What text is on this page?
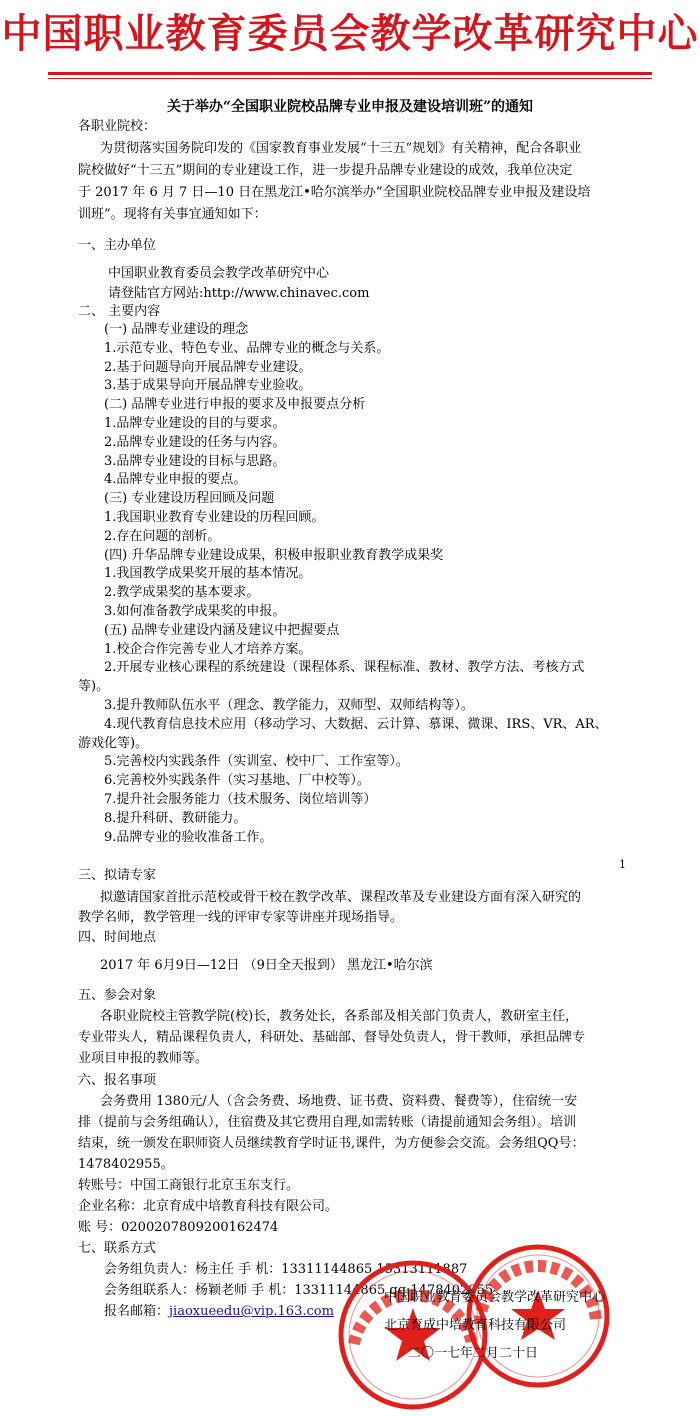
中国职业教育委员会教学改革研究中心
关于举办“全国职业院校品牌专业申报及建设培训班”的通知
各职业院校：
为贯彻落实国务院印发的《国家教育事业发展“十三五”规划》有关精神，配合各职业
院校做好“十三五”期间的专业建设工作，进一步提升品牌专业建设的成效，我单位决定
于 2017 年 6 月 7 日—10 日在黑龙江•哈尔滨举办“全国职业院校品牌专业申报及建设培
训班”。现将有关事宜通知如下：
一、主办单位
中国职业教育委员会教学改革研究中心
请登陆官方网站:http://www.chinavec.com
二、 主要内容
(一) 品牌专业建设的理念
1.示范专业、特色专业、品牌专业的概念与关系。
2.基于问题导向开展品牌专业建设。
3.基于成果导向开展品牌专业验收。
(二) 品牌专业进行申报的要求及申报要点分析
1.品牌专业建设的目的与要求。
2.品牌专业建设的任务与内容。
3.品牌专业建设的目标与思路。
4.品牌专业申报的要点。
(三) 专业建设历程回顾及问题
1.我国职业教育专业建设的历程回顾。
2.存在问题的剖析。
(四) 升华品牌专业建设成果，积极申报职业教育教学成果奖
1.我国教学成果奖开展的基本情况。
2.教学成果奖的基本要求。
3.如何准备教学成果奖的申报。
(五) 品牌专业建设内涵及建议中把握要点
1.校企合作完善专业人才培养方案。
2.开展专业核心课程的系统建设（课程体系、课程标准、教材、教学方法、考核方式
等)。
3.提升教师队伍水平（理念、教学能力，双师型、双师结构等）。
4.现代教育信息技术应用（移动学习、大数据、云计算、慕课、微课、IRS、VR、AR、
游戏化等)。
5.完善校内实践条件（实训室、校中厂、工作室等）。
6.完善校外实践条件（实习基地、厂中校等）。
7.提升社会服务能力（技术服务、岗位培训等）
8.提升科研、教研能力。
9.品牌专业的验收准备工作。
1
三、拟请专家
拟邀请国家首批示范校或骨干校在教学改革、课程改革及专业建设方面有深入研究的
教学名师，教学管理一线的评审专家等讲座并现场指导。
四、时间地点
2017 年 6月9日—12日 （9日全天报到） 黑龙江•哈尔滨
五、参会对象
各职业院校主管教学院(校)长，教务处长，各系部及相关部门负责人，教研室主任，
专业带头人，精品课程负责人，科研处、基础部、督导处负责人，骨干教师，承担品牌专
业项目申报的教师等。
六、报名事项
会务费用 1380元/人（含会务费、场地费、证书费、资料费、餐费等），住宿统一安
排（提前与会务组确认），住宿费及其它费用自理,如需转账（请提前通知会务组）。培训
结束，统一颁发在职师资人员继续教育学时证书,课件，为方便参会交流。会务组QQ号：
1478402955。
转账号：中国工商银行北京玉东支行。
企业名称：北京育成中培教育科技有限公司。
账 号：0200207809200162474
七、联系方式
会务组负责人：杨主任 手 机：13311144865 15313111887
会务组联系人：杨颖老师 手 机：13311144865 qq:1478402955
报名邮箱：jiaoxueedu@vip.163.com
中国职业教育委员会教学改革研究中心
北京育成中培教育科技有限公司
二〇一七年二月二十日
